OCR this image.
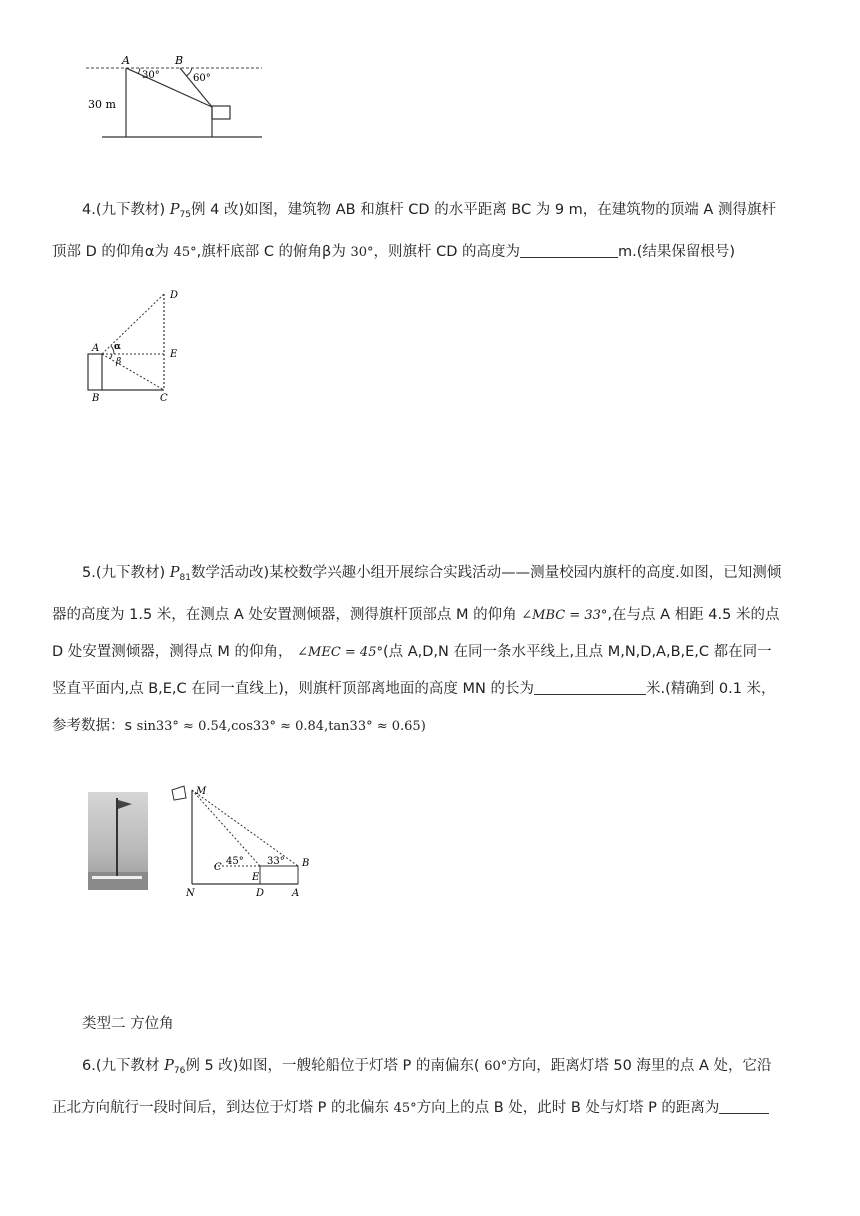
A	B
30°	60°
30 m
4.(九下教材) $P_{75}$例 4 改)如图，建筑物 AB 和旗杆 CD 的水平距离 BC 为 9 m，在建筑物的顶端 A 测得旗杆
顶部 D 的仰角α为 45°,旗杆底部 C 的俯角β为 30°，则旗杆 CD 的高度为	m.(结果保留根号)
D
A
E
α
β
B	C
5.(九下教材) $P_{81}$数学活动改)某校数学兴趣小组开展综合实践活动——测量校园内旗杆的高度.如图，已知测倾
器的高度为 1.5 米，在测点 A 处安置测倾器，测得旗杆顶部点 M 的仰角 ∠MBC = 33°,在与点 A 相距 4.5 米的点
D 处安置测倾器，测得点 M 的仰角， ∠MEC = 45°(点 A,D,N 在同一条水平线上,且点 M,N,D,A,B,E,C 都在同一
竖直平面内,点 B,E,C 在同一直线上)，则旗杆顶部离地面的高度 MN 的长为	米.(精确到 0.1 米，
参考数据：s sin33° ≈ 0.54,cos33° ≈ 0.84,tan33° ≈ 0.65)
M
C
45° 33° B
E
N	D	A
类型二 方位角
6.(九下教材 $P_{76}$例 5 改)如图，一艘轮船位于灯塔 P 的南偏东( 60°方向，距离灯塔 50 海里的点 A 处，它沿
正北方向航行一段时间后，到达位于灯塔 P 的北偏东 45°方向上的点 B 处，此时 B 处与灯塔 P 的距离为
